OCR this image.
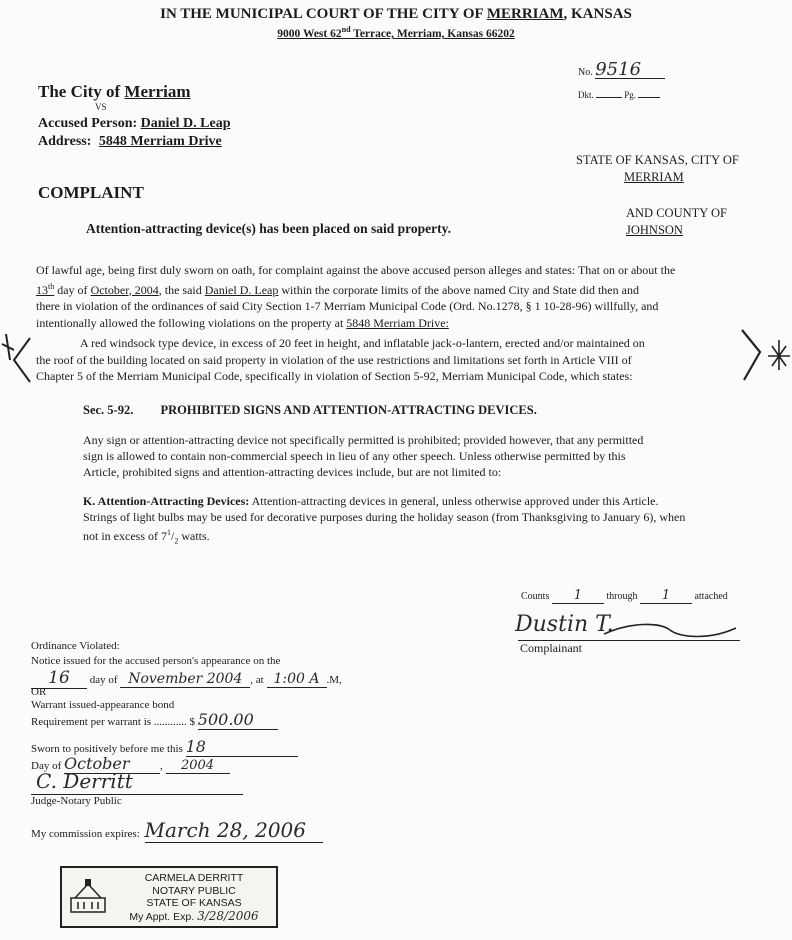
IN THE MUNICIPAL COURT OF THE CITY OF MERRIAM, KANSAS
9000 West 62nd Terrace, Merriam, Kansas 66202
No. 9516
Dkt.	Pg.
The City of Merriam
VS
Accused Person: Daniel D. Leap
Address: 5848 Merriam Drive
STATE OF KANSAS, CITY OF
MERRIAM
AND COUNTY OF
JOHNSON
COMPLAINT
Attention-attracting device(s) has been placed on said property.

Of lawful age, being first duly sworn on oath, for complaint against the above accused person alleges and states: That on or about the

13th day of October, 2004, the said Daniel D. Leap within the corporate limits of the above named City and State did then and

there in violation of the ordinances of said City Section 1-7 Merriam Municipal Code (Ord. No.1278, § 1 10-28-96) willfully, and

intentionally allowed the following violations on the property at 5848 Merriam Drive:

A red windsock type device, in excess of 20 feet in height, and inflatable jack-o-lantern, erected and/or maintained on

the roof of the building located on said property in violation of the use restrictions and limitations set forth in Article VIII of

Chapter 5 of the Merriam Municipal Code, specifically in violation of Section 5-92, Merriam Municipal Code, which states:

Sec. 5-92. PROHIBITED SIGNS AND ATTENTION-ATTRACTING DEVICES.

Any sign or attention-attracting device not specifically permitted is prohibited; provided however, that any permitted

sign is allowed to contain non-commercial speech in lieu of any other speech. Unless otherwise permitted by this

Article, prohibited signs and attention-attracting devices include, but are not limited to:

K. Attention-Attracting Devices: Attention-attracting devices in general, unless otherwise approved under this Article.

Strings of light bulbs may be used for decorative purposes during the holiday season (from Thanksgiving to January 6), when

not in excess of $7^1/_2$ watts.

Counts 1 through 1 attached
Dustin T.
Complainant
Ordinance Violated:
Notice issued for the accused person's appearance on the
16 day of November 2004 , at 1:00 A .M,
OR
Warrant issued-appearance bond
Requirement per warrant is ............ $ 500.00
Sworn to positively before me this 18
Day of October	, 2004
C. Derritt
Judge-Notary Public
My commission expires: March 28, 2006
CARMELA DERRITT
NOTARY PUBLIC
STATE OF KANSAS
My Appt. Exp. 3/28/2006
